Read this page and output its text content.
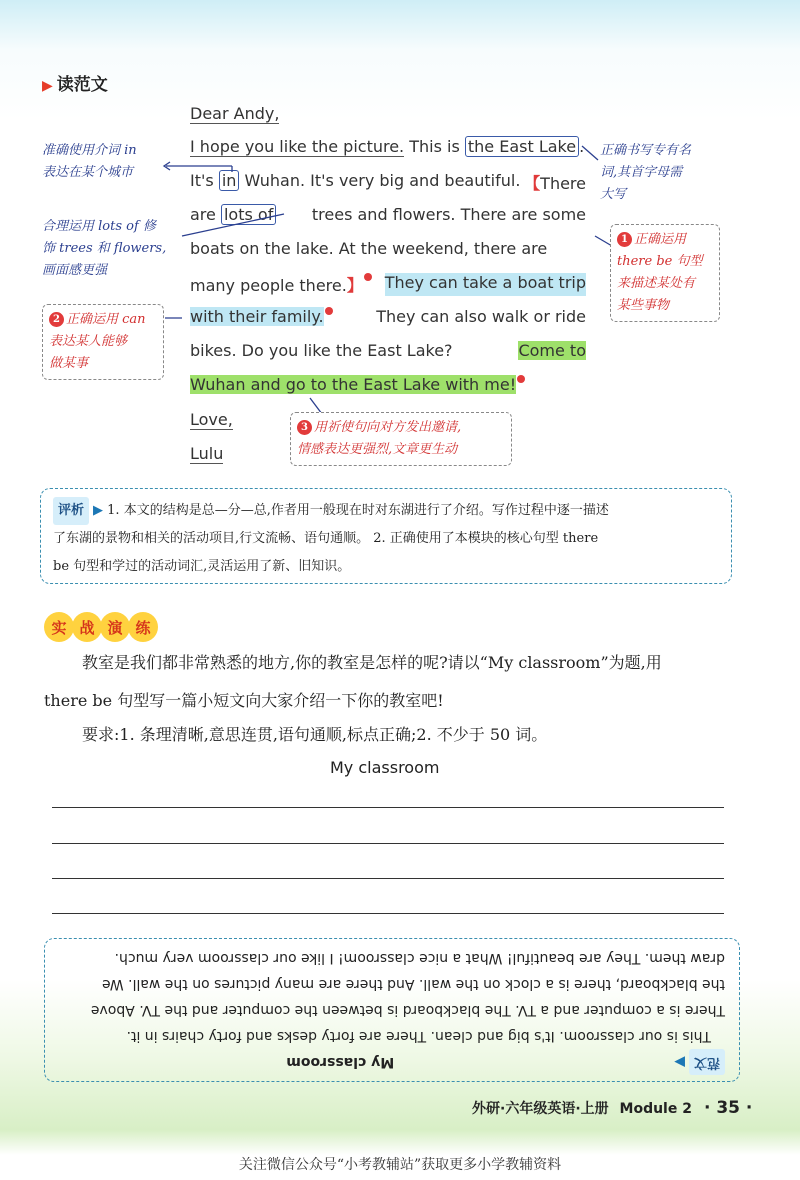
▶ 读范文
Dear Andy,
I hope you like the picture. This is the East Lake .
It's in Wuhan. It's very big and beautiful. 【There
are lots of trees and flowers. There are some
boats on the lake. At the weekend, there are
many people there.】	They can take a boat trip
with their family.	They can also walk or ride
bikes. Do you like the East Lake?	Come to
Wuhan and go to the East Lake with me!
Love,
Lulu
准确使用介词 in
表达在某个城市
合理运用 lots of 修
饰 trees 和 flowers,
画面感更强
2 正确运用 can
表达某人能够
做某事
正确书写专有名
词,其首字母需
大写
1 正确运用
there be 句型
来描述某处有
某些事物
3 用祈使句向对方发出邀请,
情感表达更强烈,文章更生动
评析 ▶ 1. 本文的结构是总—分—总,作者用一般现在时对东湖进行了介绍。写作过程中逐一描述
了东湖的景物和相关的活动项目,行文流畅、语句通顺。 2. 正确使用了本模块的核心句型 there
be 句型和学过的活动词汇,灵活运用了新、旧知识。
实 战 演 练
教室是我们都非常熟悉的地方,你的教室是怎样的呢?请以“My classroom”为题,用
there be 句型写一篇小短文向大家介绍一下你的教室吧!
要求:1. 条理清晰,意思连贯,语句通顺,标点正确;2. 不少于 50 词。
My classroom
范文
▶
My classroom
This is our classroom. It's big and clean. There are forty desks and forty chairs in it.
There is a computer and a TV. The blackboard is between the computer and the TV. Above
the blackboard, there is a clock on the wall. And there are many pictures on the wall. We
draw them. They are beautiful! What a nice classroom! I like our classroom very much.
外研·六年级英语·上册 Module 2 · 35 ·
关注微信公众号“小考教辅站”获取更多小学教辅资料
